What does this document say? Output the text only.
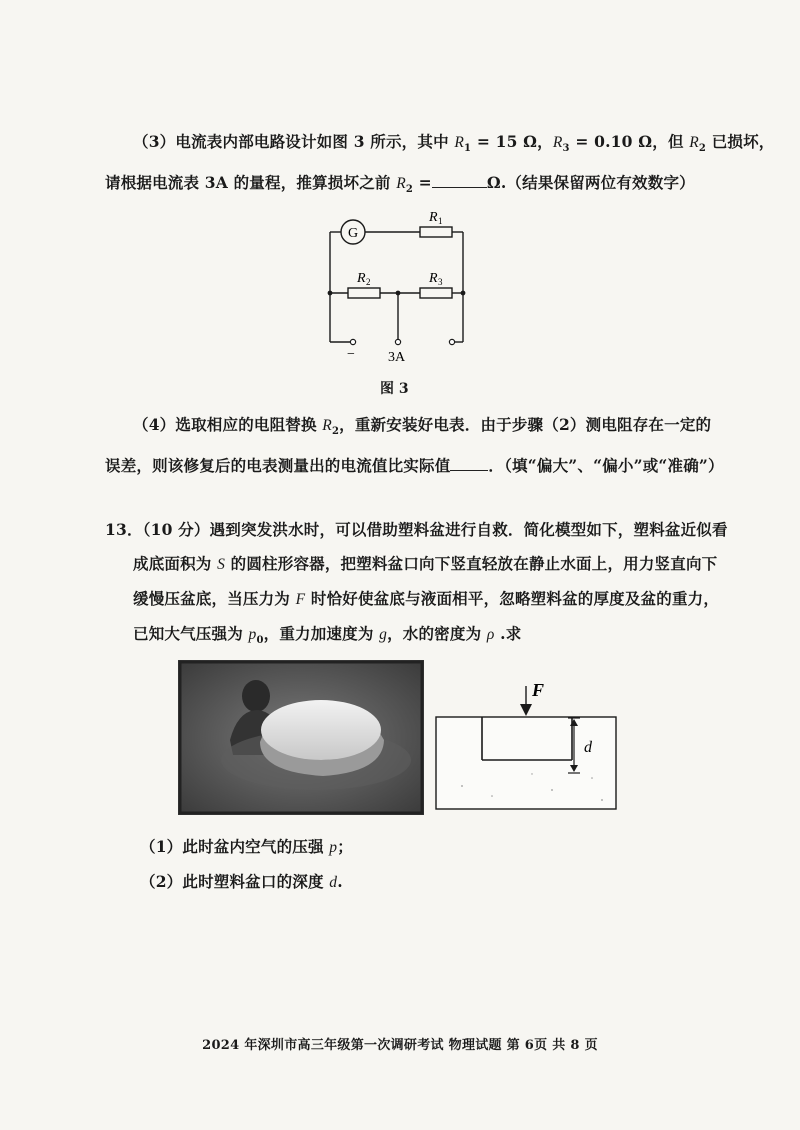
（3）电流表内部电路设计如图 3 所示，其中 $R_1 = 15$ Ω，$R_3 = 0.10$ Ω，但 $R_2$ 已损坏，
请根据电流表 3A 的量程，推算损坏之前 $R_2$ =	Ω.（结果保留两位有效数字）
G
R 1
R 2	R 3
− 3A
图 3
（4）选取相应的电阻替换 $R_2$，重新安装好电表．由于步骤（2）测电阻存在一定的
误差，则该修复后的电表测量出的电流值比实际值 ．（填“偏大”、“偏小”或“准确”）
13．（10 分）遇到突发洪水时，可以借助塑料盆进行自救．简化模型如下，塑料盆近似看
成底面积为 S 的圆柱形容器，把塑料盆口向下竖直轻放在静止水面上，用力竖直向下
缓慢压盆底，当压力为 F 时恰好使盆底与液面相平，忽略塑料盆的厚度及盆的重力，
已知大气压强为 $p_0$，重力加速度为 g，水的密度为 ρ .求
F
d
（1）此时盆内空气的压强 p；
（2）此时塑料盆口的深度 d.
2024 年深圳市高三年级第一次调研考试 物理试题 第 6页 共 8 页
